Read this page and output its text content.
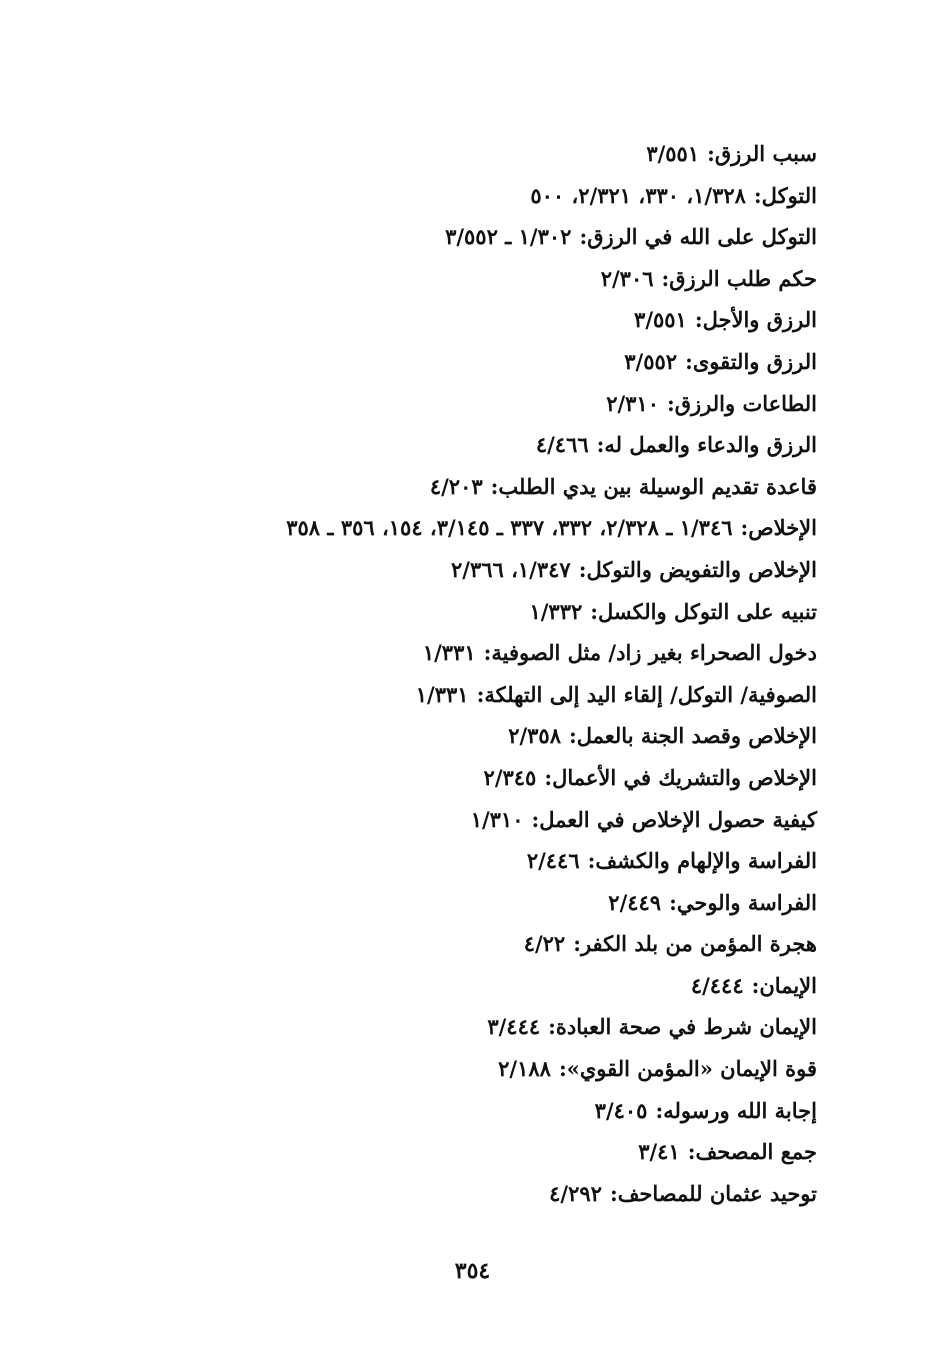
سبب الرزق:٣/٥٥١
التوكل:١/٣٢٨، ٣٣٠، ٢/٣٢١، ٥٠٠
التوكل على الله في الرزق:١/٣٠٢ ـ ٣/٥٥٢
حكم طلب الرزق:٢/٣٠٦
الرزق والأجل:٣/٥٥١
الرزق والتقوى:٣/٥٥٢
الطاعات والرزق:٢/٣١٠
الرزق والدعاء والعمل له:٤/٤٦٦
قاعدة تقديم الوسيلة بين يدي الطلب:٤/٢٠٣
الإخلاص:١/٣٤٦ ـ ٢/٣٢٨، ٣٣٢، ٣٣٧ ـ ٣/١٤٥، ١٥٤، ٣٥٦ ـ ٣٥٨
الإخلاص والتفويض والتوكل:١/٣٤٧، ٢/٣٦٦
تنبيه على التوكل والكسل:١/٣٣٢
دخول الصحراء بغير زاد/ مثل الصوفية:١/٣٣١
الصوفية/ التوكل/ إلقاء اليد إلى التهلكة:١/٣٣١
الإخلاص وقصد الجنة بالعمل:٢/٣٥٨
الإخلاص والتشريك في الأعمال:٢/٣٤٥
كيفية حصول الإخلاص في العمل:١/٣١٠
الفراسة والإلهام والكشف:٢/٤٤٦
الفراسة والوحي:٢/٤٤٩
هجرة المؤمن من بلد الكفر:٤/٢٢
الإيمان:٤/٤٤٤
الإيمان شرط في صحة العبادة:٣/٤٤٤
قوة الإيمان «المؤمن القوي»:٢/١٨٨
إجابة الله ورسوله:٣/٤٠٥
جمع المصحف:٣/٤١
توحيد عثمان للمصاحف:٤/٢٩٢
٣٥٤
